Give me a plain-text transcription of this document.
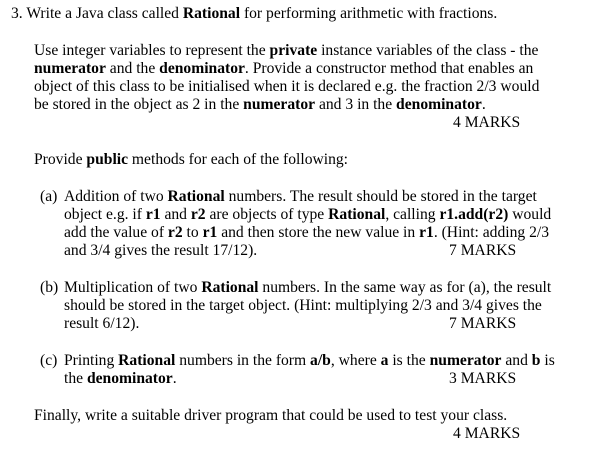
3. Write a Java class called Rational for performing arithmetic with fractions.
Use integer variables to represent the private instance variables of the class - the
numerator and the denominator. Provide a constructor method that enables an
object of this class to be initialised when it is declared e.g. the fraction 2/3 would
be stored in the object as 2 in the numerator and 3 in the denominator.
4 MARKS
Provide public methods for each of the following:
(a) Addition of two Rational numbers. The result should be stored in the target
object e.g. if r1 and r2 are objects of type Rational, calling r1.add(r2) would
add the value of r2 to r1 and then store the new value in r1. (Hint: adding 2/3
and 3/4 gives the result 17/12).	7 MARKS
(b) Multiplication of two Rational numbers. In the same way as for (a), the result
should be stored in the target object. (Hint: multiplying 2/3 and 3/4 gives the
result 6/12).	7 MARKS
(c) Printing Rational numbers in the form a/b, where a is the numerator and b is
the denominator.	3 MARKS
Finally, write a suitable driver program that could be used to test your class.
4 MARKS
